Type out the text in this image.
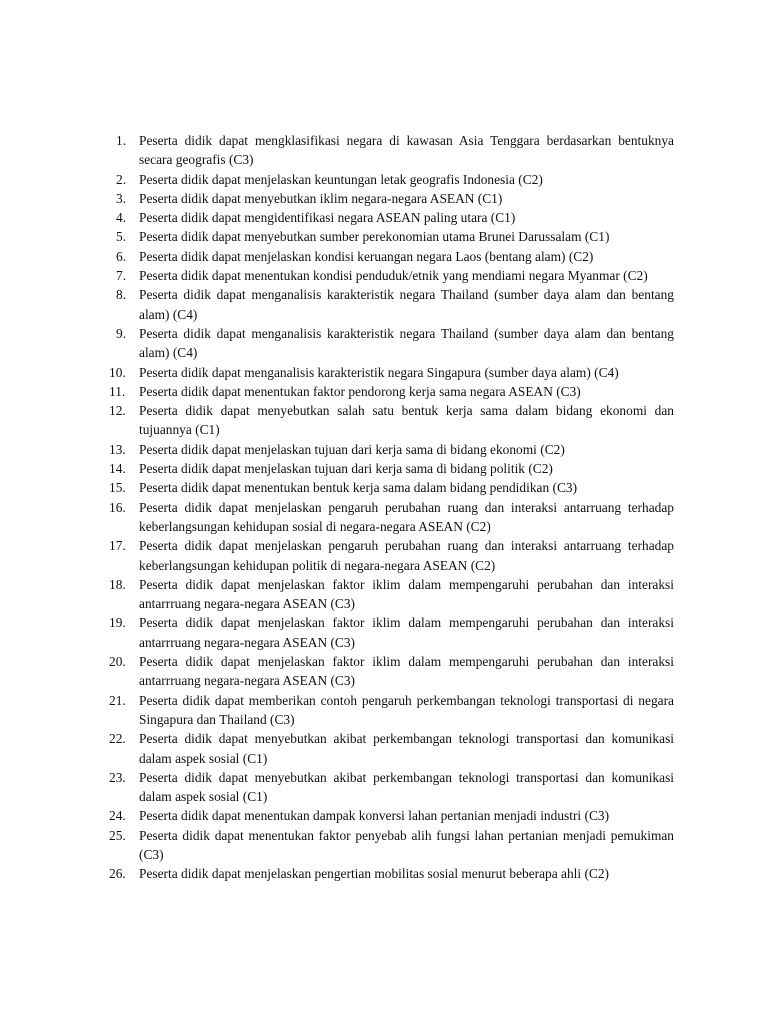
1. Peserta didik dapat mengklasifikasi negara di kawasan Asia Tenggara berdasarkan bentuknya secara geografis (C3)
2. Peserta didik dapat menjelaskan keuntungan letak geografis Indonesia (C2)
3. Peserta didik dapat menyebutkan iklim negara-negara ASEAN (C1)
4. Peserta didik dapat mengidentifikasi negara ASEAN paling utara (C1)
5. Peserta didik dapat menyebutkan sumber perekonomian utama Brunei Darussalam (C1)
6. Peserta didik dapat menjelaskan kondisi keruangan negara Laos (bentang alam) (C2)
7. Peserta didik dapat menentukan kondisi penduduk/etnik yang mendiami negara Myanmar (C2)
8. Peserta didik dapat menganalisis karakteristik negara Thailand (sumber daya alam dan bentang alam) (C4)
9. Peserta didik dapat menganalisis karakteristik negara Thailand (sumber daya alam dan bentang alam) (C4)
10. Peserta didik dapat menganalisis karakteristik negara Singapura (sumber daya alam) (C4)
11.	Peserta didik dapat menentukan faktor pendorong kerja sama negara ASEAN (C3)
12. Peserta didik dapat menyebutkan salah satu bentuk kerja sama dalam bidang ekonomi dan tujuannya (C1)
13. Peserta didik dapat menjelaskan tujuan dari kerja sama di bidang ekonomi (C2)
14. Peserta didik dapat menjelaskan tujuan dari kerja sama di bidang politik (C2)
15. Peserta didik dapat menentukan bentuk kerja sama dalam bidang pendidikan (C3)
16. Peserta didik dapat menjelaskan pengaruh perubahan ruang dan interaksi antarruang terhadap keberlangsungan kehidupan sosial di negara-negara ASEAN (C2)
17. Peserta didik dapat menjelaskan pengaruh perubahan ruang dan interaksi antarruang terhadap keberlangsungan kehidupan politik di negara-negara ASEAN (C2)
18. Peserta didik dapat menjelaskan faktor iklim dalam mempengaruhi perubahan dan interaksi antarrruang negara-negara ASEAN (C3)
19. Peserta didik dapat menjelaskan faktor iklim dalam mempengaruhi perubahan dan interaksi antarrruang negara-negara ASEAN (C3)
20. Peserta didik dapat menjelaskan faktor iklim dalam mempengaruhi perubahan dan interaksi antarrruang negara-negara ASEAN (C3)
21. Peserta didik dapat memberikan contoh pengaruh perkembangan teknologi transportasi di negara Singapura dan Thailand (C3)
22. Peserta didik dapat menyebutkan akibat perkembangan teknologi transportasi dan komunikasi dalam aspek sosial (C1)
23. Peserta didik dapat menyebutkan akibat perkembangan teknologi transportasi dan komunikasi dalam aspek sosial (C1)
24. Peserta didik dapat menentukan dampak konversi lahan pertanian menjadi industri (C3)
25. Peserta didik dapat menentukan faktor penyebab alih fungsi lahan pertanian menjadi pemukiman (C3)
26. Peserta didik dapat menjelaskan pengertian mobilitas sosial menurut beberapa ahli (C2)
